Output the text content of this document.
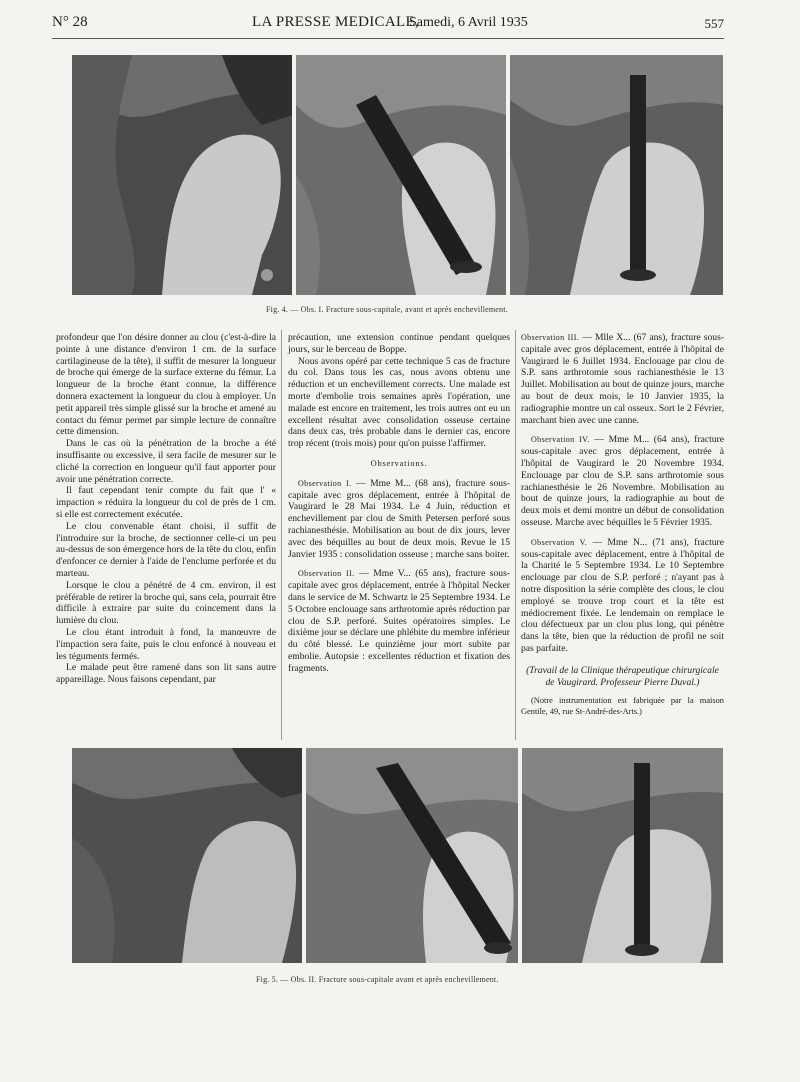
N° 28	LA PRESSE MEDICALE,
Samedi, 6 Avril 1935	557
Fig. 4. — Obs. I. Fracture sous-capitale, avant et après enchevillement.

profondeur que l'on désire donner au clou (c'est-à-dire la pointe à une distance d'environ 1 cm. de la surface cartilagineuse de la tête), il suffit de mesurer la longueur de broche qui émerge de la surface externe du fémur. La longueur de la broche étant connue, la différence donnera exactement la longueur du clou à employer. Un petit appareil très simple glissé sur la broche et amené au contact du fémur permet par simple lecture de connaître cette dimension.

Dans le cas où la pénétration de la broche a été insuffisante ou excessive, il sera facile de mesurer sur le cliché la correction en longueur qu'il faut apporter pour avoir une pénétration correcte.

Il faut cependant tenir compte du fait que l' « impaction » réduira la longueur du col de près de 1 cm. si elle est correctement exécutée.

Le clou convenable étant choisi, il suffit de l'introduire sur la broche, de sectionner celle-ci un peu au-dessus de son émergence hors de la tête du clou, enfin d'enfoncer ce dernier à l'aide de l'enclume perforée et du marteau.

Lorsque le clou a pénétré de 4 cm. environ, il est préférable de retirer la broche qui, sans cela, pourrait être difficile à extraire par suite du coincement dans la lumière du clou.

Le clou étant introduit à fond, la manœuvre de l'impaction sera faite, puis le clou enfoncé à nouveau et les téguments fermés.

Le malade peut être ramené dans son lit sans autre appareillage. Nous faisons cependant, par

précaution, une extension continue pendant quelques jours, sur le berceau de Boppe.

Nous avons opéré par cette technique 5 cas de fracture du col. Dans tous les cas, nous avons obtenu une réduction et un enchevillement corrects. Une malade est morte d'embolie trois semaines après l'opération, une malade est encore en traitement, les trois autres ont eu un excellent résultat avec consolidation osseuse certaine dans deux cas, très probable dans le dernier cas, encore trop récent (trois mois) pour qu'on puisse l'affirmer.

Observations.

Observation I. — Mme M... (68 ans), fracture sous-capitale avec gros déplacement, entrée à l'hôpital de Vaugirard le 28 Mai 1934. Le 4 Juin, réduction et enchevillement par clou de Smith Petersen perforé sous rachianesthésie. Mobilisation au bout de dix jours, lever avec des béquilles au bout de deux mois. Revue le 15 Janvier 1935 : consolidation osseuse ; marche sans boiter.

Observation II. — Mme V... (65 ans), fracture sous-capitale avec gros déplacement, entrée à l'hôpital Necker dans le service de M. Schwartz le 25 Septembre 1934. Le 5 Octobre enclouage sans arthrotomie après réduction par clou de S.P. perforé. Suites opératoires simples. Le dixième jour se déclare une phlébite du membre inférieur du côté blessé. Le quinzième jour mort subite par embolie. Autopsie : excellentes réduction et fixation des fragments.

Observation III. — Mlle X... (67 ans), fracture sous-capitale avec gros déplacement, entrée à l'hôpital de Vaugirard le 6 Juillet 1934. Enclouage par clou de S.P. sans arthrotomie sous rachianesthésie le 13 Juillet. Mobilisation au bout de quinze jours, marche au bout de deux mois, le 10 Janvier 1935, la radiographie montre un cal osseux. Sort le 2 Février, marchant bien avec une canne.

Observation IV. — Mme M... (64 ans), fracture sous-capitale avec gros déplacement, entrée à l'hôpital de Vaugirard le 20 Novembre 1934. Enclouage par clou de S.P. sans arthrotomie sous rachianesthésie le 26 Novembre. Mobilisation au bout de quinze jours, la radiographie au bout de deux mois et demi montre un début de consolidation osseuse. Marche avec béquilles le 5 Février 1935.

Observation V. — Mme N... (71 ans), fracture sous-capitale avec déplacement, entre à l'hôpital de la Charité le 5 Septembre 1934. Le 10 Septembre enclouage par clou de S.P. perforé ; n'ayant pas à notre disposition la série complète des clous, le clou employé se trouve trop court et la tête est médiocrement fixée. Le lendemain on remplace le clou défectueux par un clou plus long, qui pénètre dans la tête, bien que la réduction de profil ne soit pas parfaite.

(Travail de la Clinique thérapeutique chirurgicale de Vaugirard. Professeur Pierre Duval.)

(Notre instrumentation est fabriquée par la maison Gentile, 49, rue St-André-des-Arts.)

Fig. 5. — Obs. II. Fracture sous-capitale avant et après enchevillement.
